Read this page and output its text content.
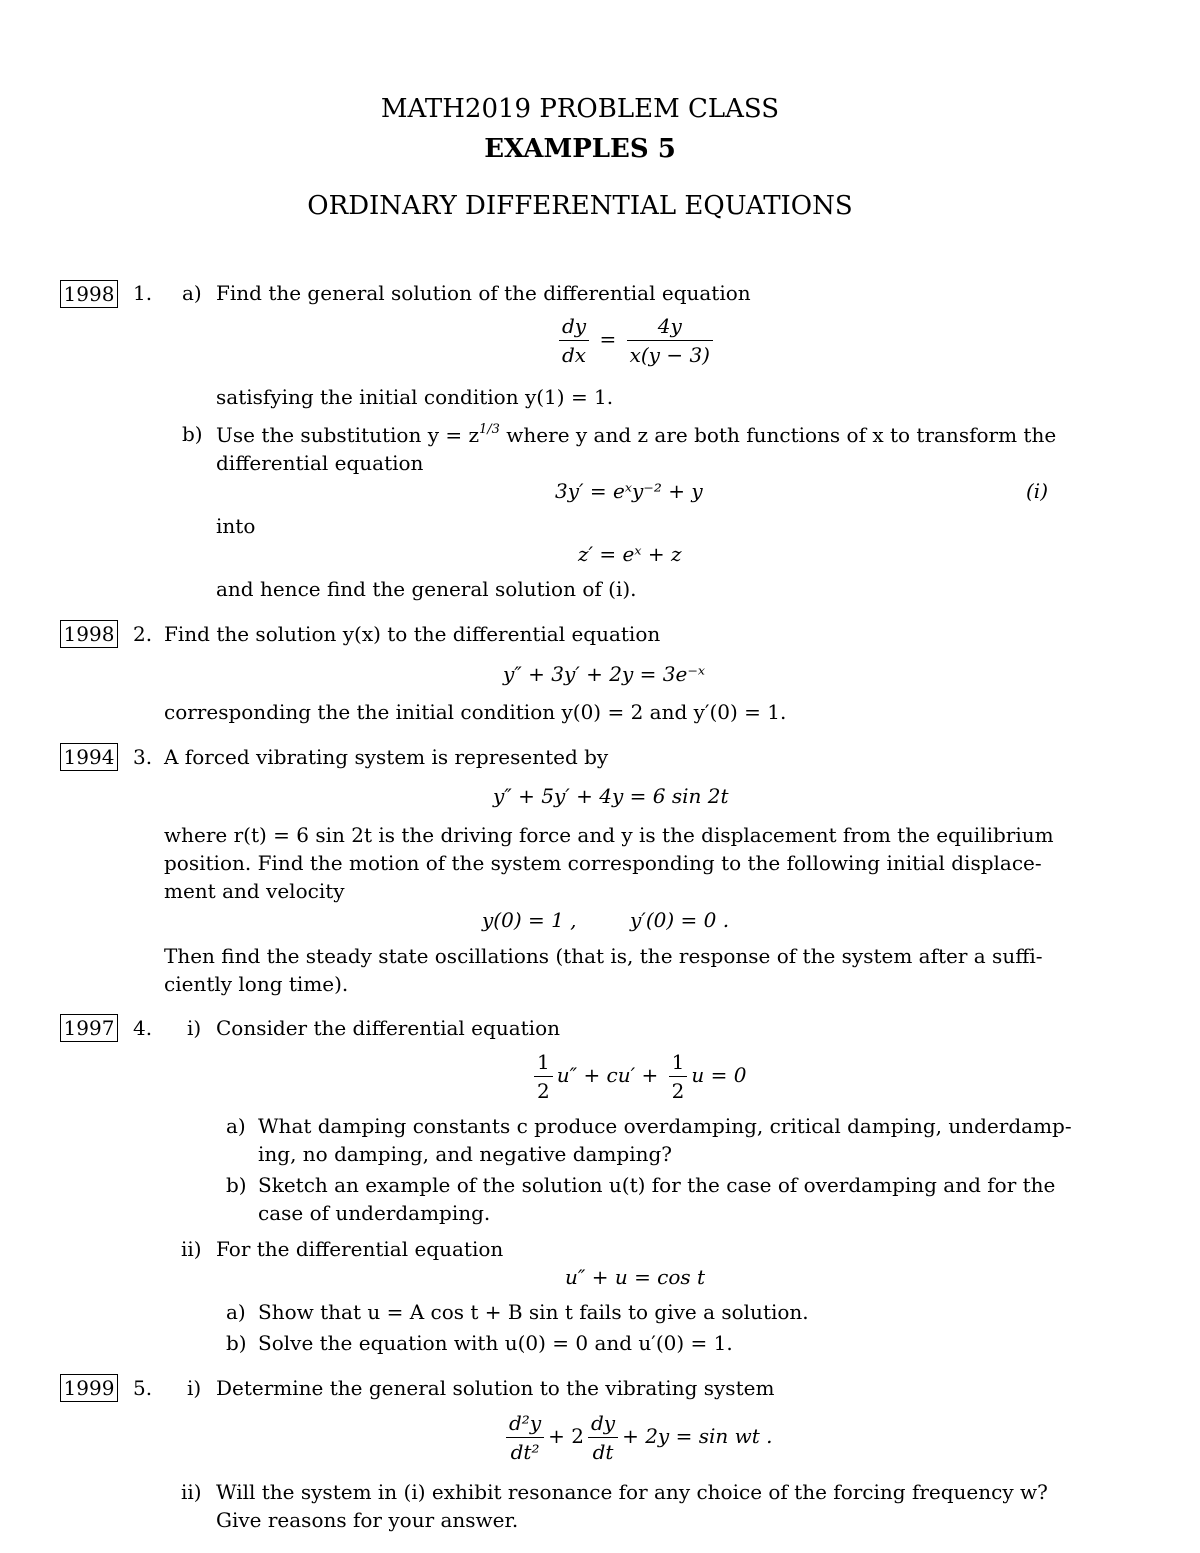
MATH2019 PROBLEM CLASS
EXAMPLES 5
ORDINARY DIFFERENTIAL EQUATIONS
1998 1. a) Find the general solution of the differential equation
$\frac{dy}{dx} = \frac{4y}{x(y - 3)}$
satisfying the initial condition y(1) = 1.
b) Use the substitution $y = z^{1/3}$ where y and z are both functions of x to transform the
differential equation
3y′ = eˣy⁻² + y	(i)
into
z′ = eˣ + z
and hence find the general solution of (i).
1998 2. Find the solution y(x) to the differential equation
y″ + 3y′ + 2y = 3e⁻ˣ
corresponding the the initial condition y(0) = 2 and y′(0) = 1.
1994 3. A forced vibrating system is represented by
y″ + 5y′ + 4y = 6 sin 2t
where r(t) = 6 sin 2t is the driving force and y is the displacement from the equilibrium
position. Find the motion of the system corresponding to the following initial displace-
ment and velocity
y(0) = 1 ,	y′(0) = 0 .
Then find the steady state oscillations (that is, the response of the system after a suffi-
ciently long time).
1997 4. i) Consider the differential equation
$\frac{1}{2} u'' + cu' + \frac{1}{2}$ u = 0
a) What damping constants c produce overdamping, critical damping, underdamp-
ing, no damping, and negative damping?
b) Sketch an example of the solution u(t) for the case of overdamping and for the
case of underdamping.
ii) For the differential equation
u″ + u = cos t
a) Show that u = A cos t + B sin t fails to give a solution.
b) Solve the equation with u(0) = 0 and u′(0) = 1.
1999 5. i) Determine the general solution to the vibrating system
$\frac{\text{d²y}}{\text{dt²}} + 2 \frac{dy}{dt} + 2y = \sin$ wt .
ii) Will the system in (i) exhibit resonance for any choice of the forcing frequency w?
Give reasons for your answer.
